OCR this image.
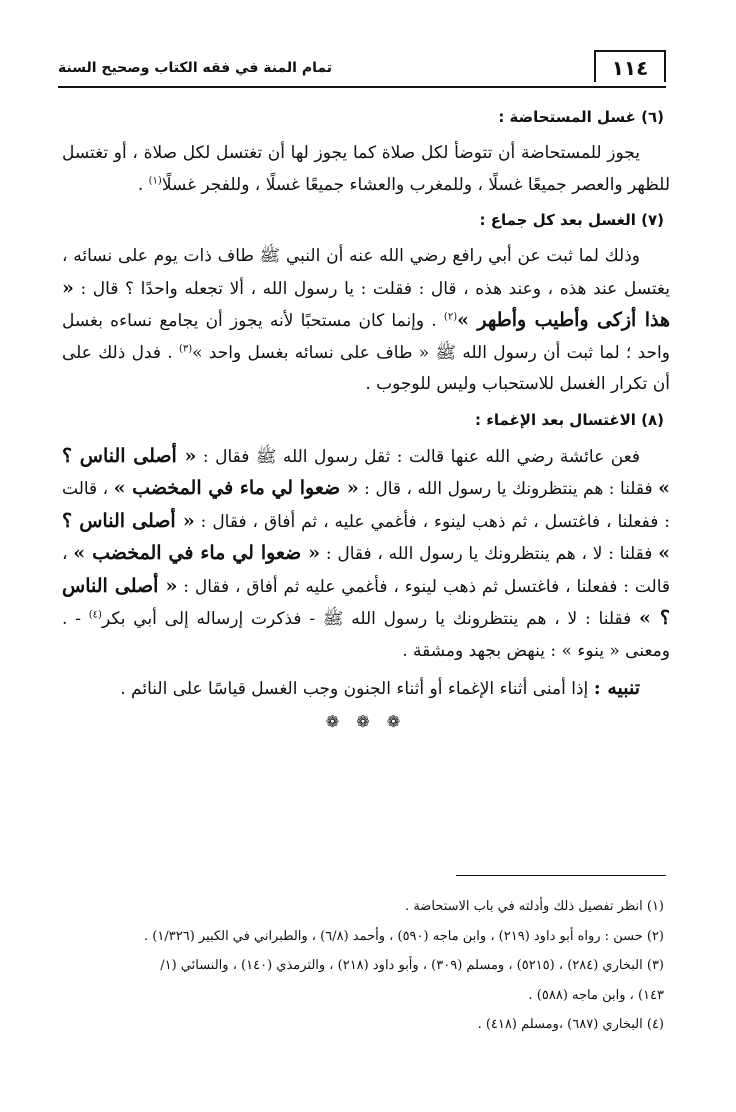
١١٤
تمام المنة في فقه الكتاب وصحيح السنة
(٦) غسل المستحاضة :

يجوز للمستحاضة أن تتوضأ لكل صلاة كما يجوز لها أن تغتسل لكل صلاة ، أو تغتسل للظهر والعصر جميعًا غسلًا ، وللمغرب والعشاء جميعًا غسلًا ، وللفجر غسلًا$^{(١)}$ .

(٧) الغسل بعد كل جماع :

وذلك لما ثبت عن أبي رافع رضي الله عنه أن النبي ﷺ طاف ذات يوم على نسائه ، يغتسل عند هذه ، وعند هذه ، قال : فقلت : يا رسول الله ، ألا تجعله واحدًا ؟ قال : « هذا أزكى وأطيب وأطهر »$^{(٢)}$ . وإنما كان مستحبًا لأنه يجوز أن يجامع نساءه بغسل واحد ؛ لما ثبت أن رسول الله ﷺ « طاف على نسائه بغسل واحد »$^{(٣)}$ . فدل ذلك على أن تكرار الغسل للاستحباب وليس للوجوب .

(٨) الاغتسال بعد الإغماء :

فعن عائشة رضي الله عنها قالت : ثقل رسول الله ﷺ فقال : « أصلى الناس ؟ » فقلنا : هم ينتظرونك يا رسول الله ، قال : « ضعوا لي ماء في المخضب » ، قالت : ففعلنا ، فاغتسل ، ثم ذهب لينوء ، فأغمي عليه ، ثم أفاق ، فقال : « أصلى الناس ؟ » فقلنا : لا ، هم ينتظرونك يا رسول الله ، فقال : « ضعوا لي ماء في المخضب » ، قالت : ففعلنا ، فاغتسل ثم ذهب لينوء ، فأغمي عليه ثم أفاق ، فقال : « أصلى الناس ؟ » فقلنا : لا ، هم ينتظرونك يا رسول الله ﷺ - فذكرت إرساله إلى أبي بكر$^{(٤)}$ - . ومعنى « ينوء » : ينهض بجهد ومشقة .

تنبيه : إذا أمنى أثناء الإغماء أو أثناء الجنون وجب الغسل قياسًا على النائم .

❁ ❁ ❁

(١) انظر تفصيل ذلك وأدلته في باب الاستحاضة .

(٢) حسن : رواه أبو داود (٢١٩) ، وابن ماجه (٥٩٠) ، وأحمد (٦/٨) ، والطبراني في الكبير (١/٣٢٦) .

(٣) البخاري (٢٨٤) ، (٥٢١٥) ، ومسلم (٣٠٩) ، وأبو داود (٢١٨) ، والترمذي (١٤٠) ، والنسائي (١/

١٤٣) ، وابن ماجه (٥٨٨) .

(٤) البخاري (٦٨٧) ،ومسلم (٤١٨) .
